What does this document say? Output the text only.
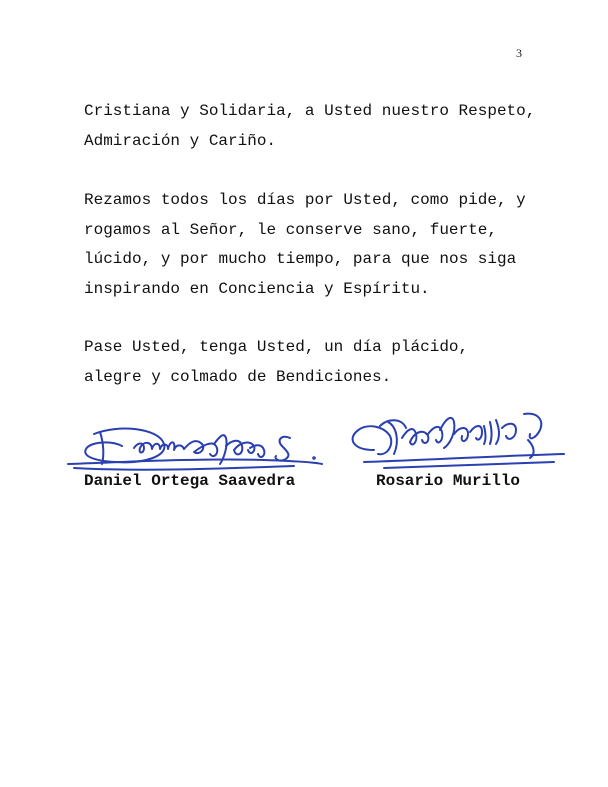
3

Cristiana y Solidaria, a Usted nuestro Respeto,
Admiración y Cariño.

Rezamos todos los días por Usted, como pide, y
rogamos al Señor, le conserve sano, fuerte,
lúcido, y por mucho tiempo, para que nos siga
inspirando en Conciencia y Espíritu.

Pase Usted, tenga Usted, un día plácido,
alegre y colmado de Bendiciones.

Daniel Ortega Saavedra	Rosario Murillo
